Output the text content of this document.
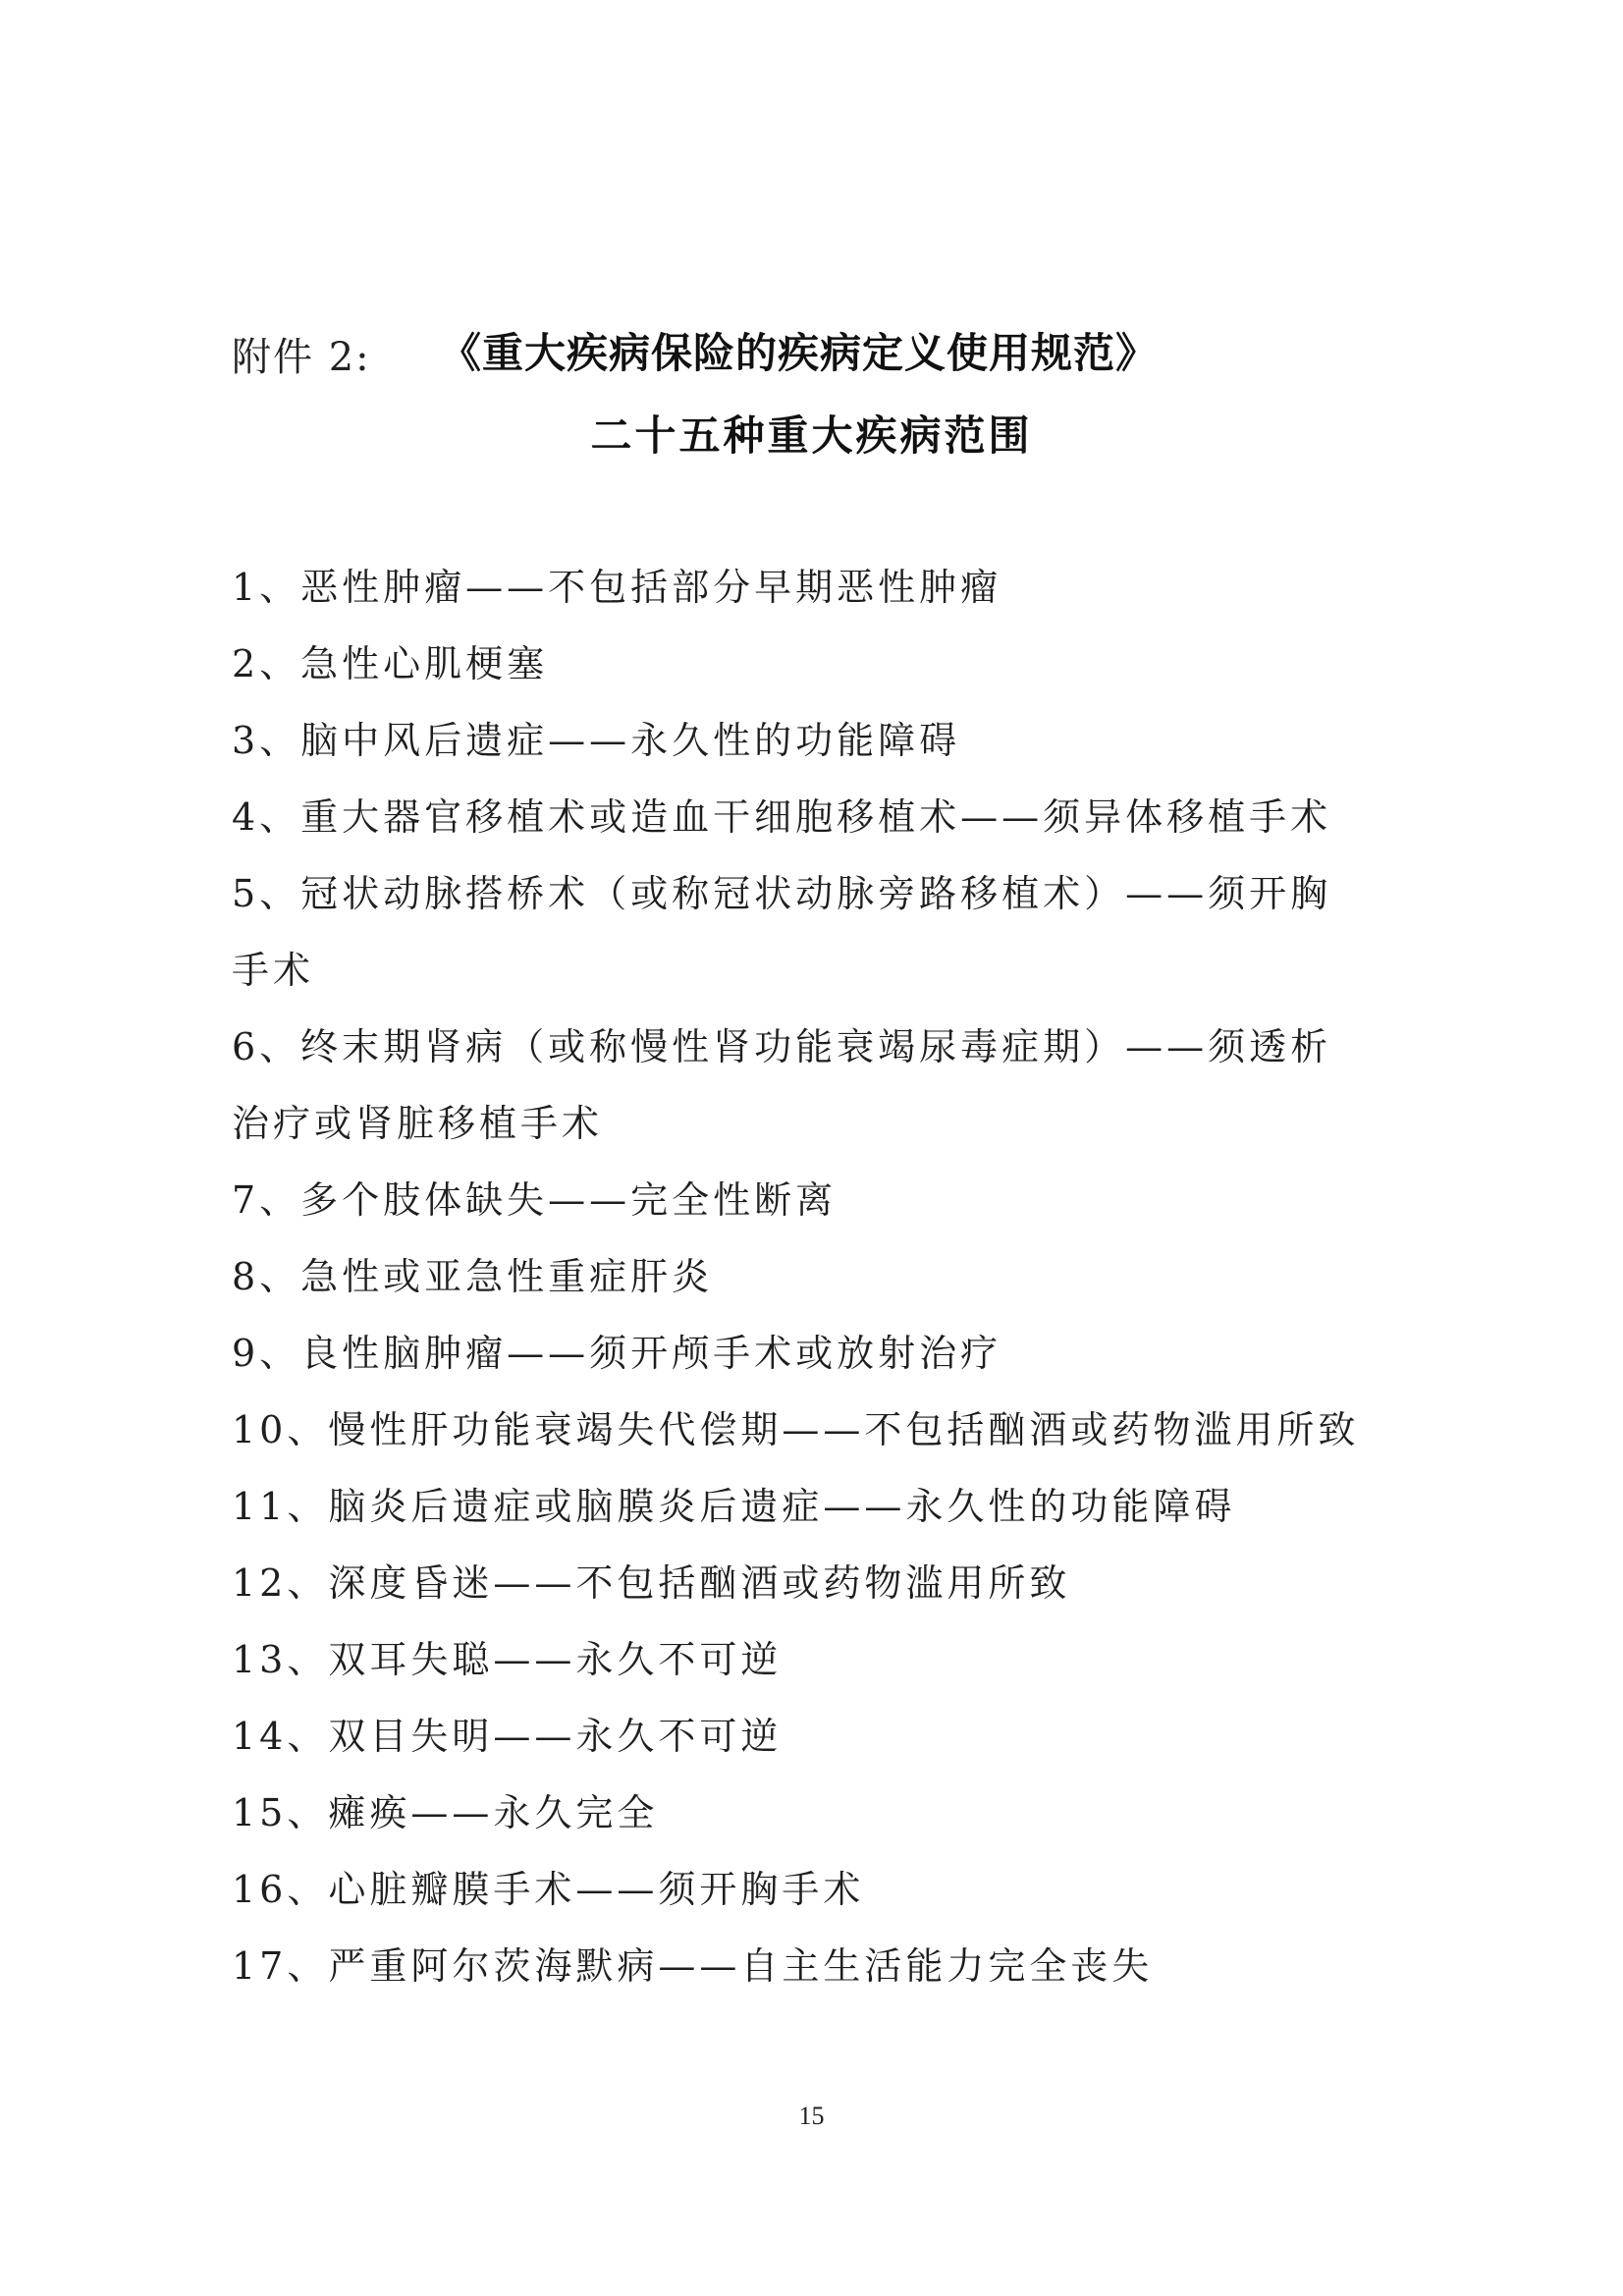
附件 2: 《重大疾病保险的疾病定义使用规范》
二十五种重大疾病范围
1、恶性肿瘤——不包括部分早期恶性肿瘤
2、急性心肌梗塞
3、脑中风后遗症——永久性的功能障碍
4、重大器官移植术或造血干细胞移植术——须异体移植手术
5、冠状动脉搭桥术（或称冠状动脉旁路移植术）——须开胸
手术
6、终末期肾病（或称慢性肾功能衰竭尿毒症期）——须透析
治疗或肾脏移植手术
7、多个肢体缺失——完全性断离
8、急性或亚急性重症肝炎
9、良性脑肿瘤——须开颅手术或放射治疗
10、慢性肝功能衰竭失代偿期——不包括酗酒或药物滥用所致
11、脑炎后遗症或脑膜炎后遗症——永久性的功能障碍
12、深度昏迷——不包括酗酒或药物滥用所致
13、双耳失聪——永久不可逆
14、双目失明——永久不可逆
15、瘫痪——永久完全
16、心脏瓣膜手术——须开胸手术
17、严重阿尔茨海默病——自主生活能力完全丧失
15
